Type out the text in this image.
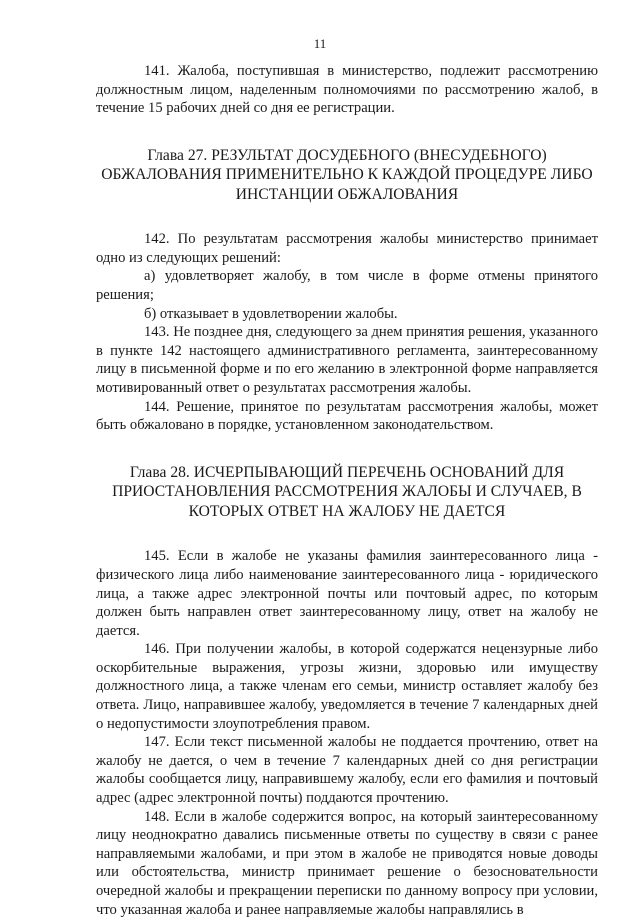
11

141. Жалоба, поступившая в министерство, подлежит рассмотрению должностным лицом, наделенным полномочиями по рассмотрению жалоб, в течение 15 рабочих дней со дня ее регистрации.

Глава 27. РЕЗУЛЬТАТ ДОСУДЕБНОГО (ВНЕСУДЕБНОГО) ОБЖАЛОВАНИЯ ПРИМЕНИТЕЛЬНО К КАЖДОЙ ПРОЦЕДУРЕ ЛИБО ИНСТАНЦИИ ОБЖАЛОВАНИЯ

142. По результатам рассмотрения жалобы министерство принимает одно из следующих решений:

а) удовлетворяет жалобу, в том числе в форме отмены принятого решения;

б) отказывает в удовлетворении жалобы.

143. Не позднее дня, следующего за днем принятия решения, указанного в пункте 142 настоящего административного регламента, заинтересованному лицу в письменной форме и по его желанию в электронной форме направляется мотивированный ответ о результатах рассмотрения жалобы.

144. Решение, принятое по результатам рассмотрения жалобы, может быть обжаловано в порядке, установленном законодательством.

Глава 28. ИСЧЕРПЫВАЮЩИЙ ПЕРЕЧЕНЬ ОСНОВАНИЙ ДЛЯ ПРИОСТАНОВЛЕНИЯ РАССМОТРЕНИЯ ЖАЛОБЫ И СЛУЧАЕВ, В КОТОРЫХ ОТВЕТ НА ЖАЛОБУ НЕ ДАЕТСЯ

145. Если в жалобе не указаны фамилия заинтересованного лица - физического лица либо наименование заинтересованного лица - юридического лица, а также адрес электронной почты или почтовый адрес, по которым должен быть направлен ответ заинтересованному лицу, ответ на жалобу не дается.

146. При получении жалобы, в которой содержатся нецензурные либо оскорбительные выражения, угрозы жизни, здоровью или имуществу должностного лица, а также членам его семьи, министр оставляет жалобу без ответа. Лицо, направившее жалобу, уведомляется в течение 7 календарных дней о недопустимости злоупотребления правом.

147. Если текст письменной жалобы не поддается прочтению, ответ на жалобу не дается, о чем в течение 7 календарных дней со дня регистрации жалобы сообщается лицу, направившему жалобу, если его фамилия и почтовый адрес (адрес электронной почты) поддаются прочтению.

148. Если в жалобе содержится вопрос, на который заинтересованному лицу неоднократно давались письменные ответы по существу в связи с ранее направляемыми жалобами, и при этом в жалобе не приводятся новые доводы или обстоятельства, министр принимает решение о безосновательности очередной жалобы и прекращении переписки по данному вопросу при условии, что указанная жалоба и ранее направляемые жалобы направлялись в
